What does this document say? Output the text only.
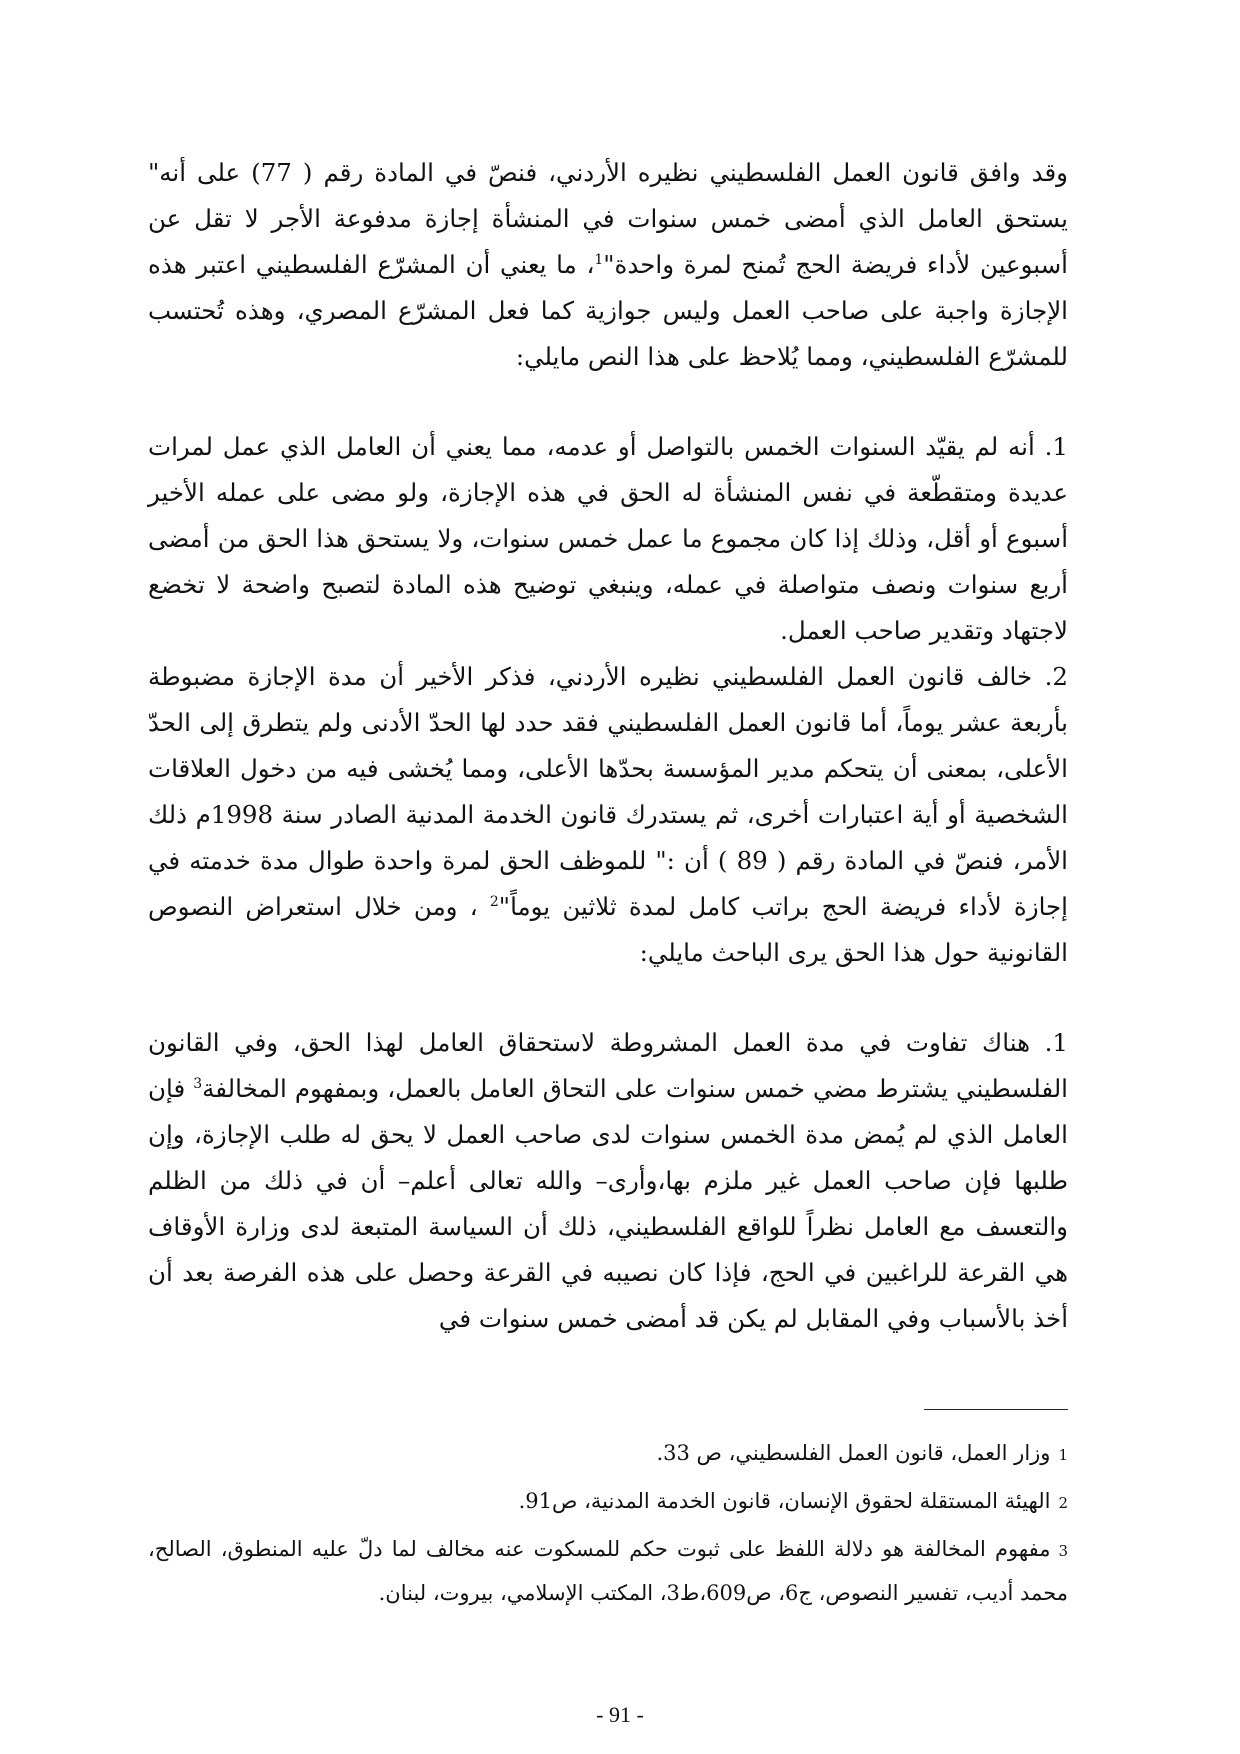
وقد وافق قانون العمل الفلسطيني نظيره الأردني، فنصّ في المادة رقم ( 77) على أنه" يستحق العامل الذي أمضى خمس سنوات في المنشأة إجازة مدفوعة الأجر لا تقل عن أسبوعين لأداء فريضة الحج تُمنح لمرة واحدة"$^1$، ما يعني أن المشرّع الفلسطيني اعتبر هذه الإجازة واجبة على صاحب العمل وليس جوازية كما فعل المشرّع المصري، وهذه تُحتسب للمشرّع الفلسطيني، ومما يُلاحظ على هذا النص مايلي:

1. أنه لم يقيّد السنوات الخمس بالتواصل أو عدمه، مما يعني أن العامل الذي عمل لمرات عديدة ومتقطّعة في نفس المنشأة له الحق في هذه الإجازة، ولو مضى على عمله الأخير أسبوع أو أقل، وذلك إذا كان مجموع ما عمل خمس سنوات، ولا يستحق هذا الحق من أمضى أربع سنوات ونصف متواصلة في عمله، وينبغي توضيح هذه المادة لتصبح واضحة لا تخضع لاجتهاد وتقدير صاحب العمل.

2. خالف قانون العمل الفلسطيني نظيره الأردني، فذكر الأخير أن مدة الإجازة مضبوطة بأربعة عشر يوماً، أما قانون العمل الفلسطيني فقد حدد لها الحدّ الأدنى ولم يتطرق إلى الحدّ الأعلى، بمعنى أن يتحكم مدير المؤسسة بحدّها الأعلى، ومما يُخشى فيه من دخول العلاقات الشخصية أو أية اعتبارات أخرى، ثم يستدرك قانون الخدمة المدنية الصادر سنة 1998م ذلك الأمر، فنصّ في المادة رقم ( 89 ) أن :" للموظف الحق لمرة واحدة طوال مدة خدمته في إجازة لأداء فريضة الحج براتب كامل لمدة ثلاثين يوماً"$^2$ ، ومن خلال استعراض النصوص القانونية حول هذا الحق يرى الباحث مايلي:

1. هناك تفاوت في مدة العمل المشروطة لاستحقاق العامل لهذا الحق، وفي القانون الفلسطيني يشترط مضي خمس سنوات على التحاق العامل بالعمل، وبمفهوم المخالفة$^3$ فإن العامل الذي لم يُمض مدة الخمس سنوات لدى صاحب العمل لا يحق له طلب الإجازة، وإن طلبها فإن صاحب العمل غير ملزم بها،وأرى– والله تعالى أعلم– أن في ذلك من الظلم والتعسف مع العامل نظراً للواقع الفلسطيني، ذلك أن السياسة المتبعة لدى وزارة الأوقاف هي القرعة للراغبين في الحج، فإذا كان نصيبه في القرعة وحصل على هذه الفرصة بعد أن أخذ بالأسباب وفي المقابل لم يكن قد أمضى خمس سنوات في

1وزار العمل، قانون العمل الفلسطيني، ص 33.

2الهيئة المستقلة لحقوق الإنسان، قانون الخدمة المدنية، ص91.

3مفهوم المخالفة هو دلالة اللفظ على ثبوت حكم للمسكوت عنه مخالف لما دلّ عليه المنطوق، الصالح، محمد أديب، تفسير النصوص، ج6، ص609،ط3، المكتب الإسلامي، بيروت، لبنان.

- 91 -
